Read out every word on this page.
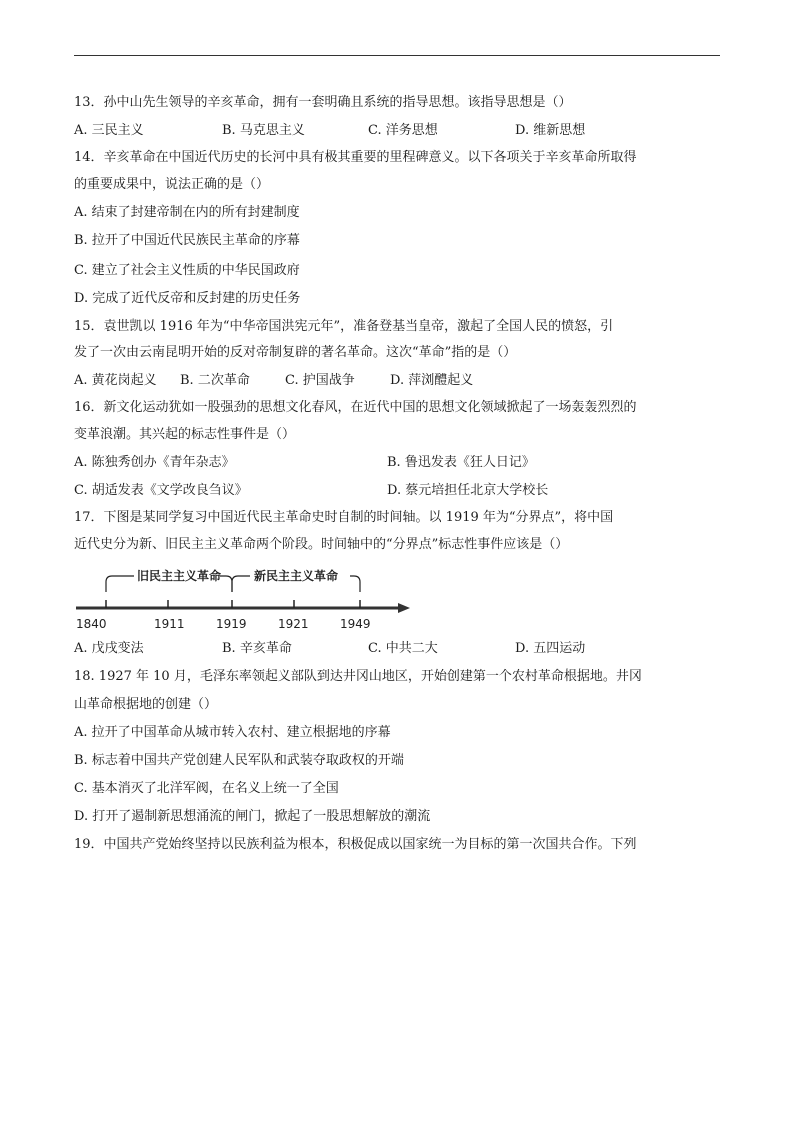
13．孙中山先生领导的辛亥革命，拥有一套明确且系统的指导思想。该指导思想是（）
A. 三民主义	B. 马克思主义	C. 洋务思想	D. 维新思想
14．辛亥革命在中国近代历史的长河中具有极其重要的里程碑意义。以下各项关于辛亥革命所取得
的重要成果中，说法正确的是（）
A. 结束了封建帝制在内的所有封建制度
B. 拉开了中国近代民族民主革命的序幕
C. 建立了社会主义性质的中华民国政府
D. 完成了近代反帝和反封建的历史任务
15．袁世凯以 1916 年为“中华帝国洪宪元年”，准备登基当皇帝，激起了全国人民的愤怒，引
发了一次由云南昆明开始的反对帝制复辟的著名革命。这次“革命”指的是（）
A. 黄花岗起义 B. 二次革命	C. 护国战争	D. 萍浏醴起义
16．新文化运动犹如一股强劲的思想文化春风，在近代中国的思想文化领域掀起了一场轰轰烈烈的
变革浪潮。其兴起的标志性事件是（）
A. 陈独秀创办《青年杂志》	B. 鲁迅发表《狂人日记》
C. 胡适发表《文学改良刍议》	D. 蔡元培担任北京大学校长
17．下图是某同学复习中国近代民主革命史时自制的时间轴。以 1919 年为“分界点”，将中国
近代史分为新、旧民主主义革命两个阶段。时间轴中的“分界点”标志性事件应该是（）
旧民主主义革命	新民主主义革命
1840	1911	1919	1921	1949
A. 戊戌变法	B. 辛亥革命	C. 中共二大	D. 五四运动
18. 1927 年 10 月，毛泽东率领起义部队到达井冈山地区，开始创建第一个农村革命根据地。井冈
山革命根据地的创建（）
A. 拉开了中国革命从城市转入农村、建立根据地的序幕
B. 标志着中国共产党创建人民军队和武装夺取政权的开端
C. 基本消灭了北洋军阀，在名义上统一了全国
D. 打开了遏制新思想涌流的闸门，掀起了一股思想解放的潮流
19．中国共产党始终坚持以民族利益为根本，积极促成以国家统一为目标的第一次国共合作。下列
